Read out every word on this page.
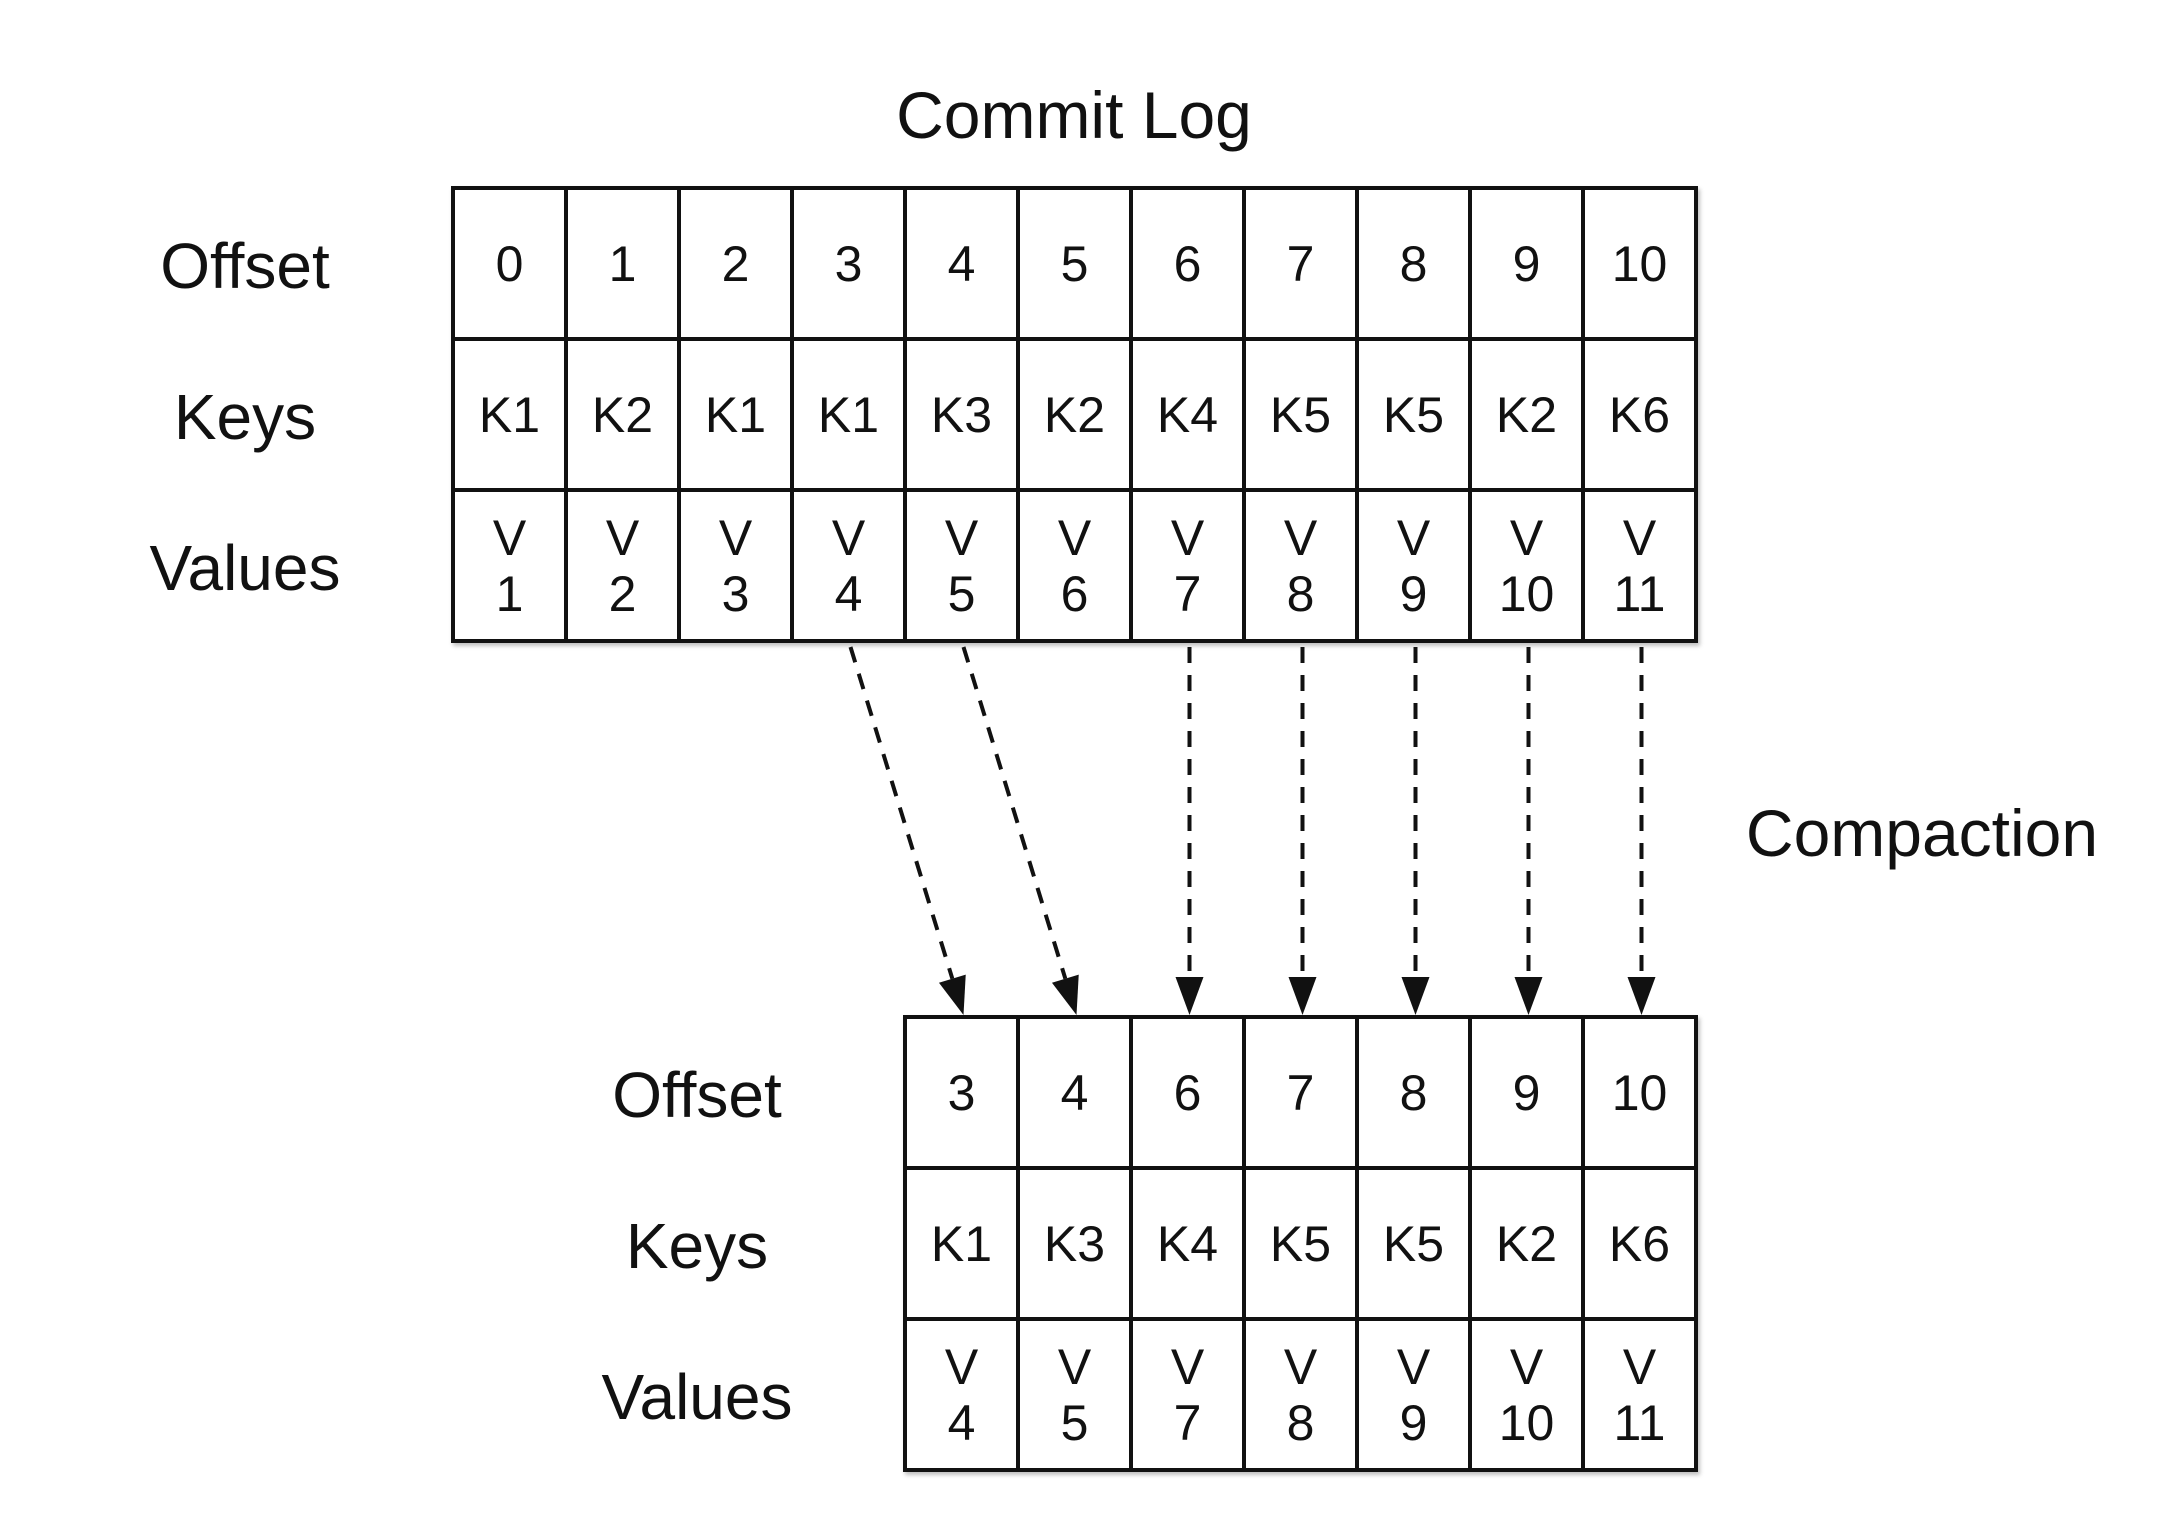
Commit Log
Offset
Keys
Values
0 1 2 3 4 5 6 7 8 9 10
K1 K2 K1 K1 K3 K2 K4 K5 K5 K2 K6
V1
V2
V3
V4
V5
V6
V7
V8
V9
V10
V11
Compaction
Offset
Keys
Values
3 4 6 7 8 9 10
K1 K3 K4 K5 K5 K2 K6
V4
V5
V7
V8
V9
V10
V11
